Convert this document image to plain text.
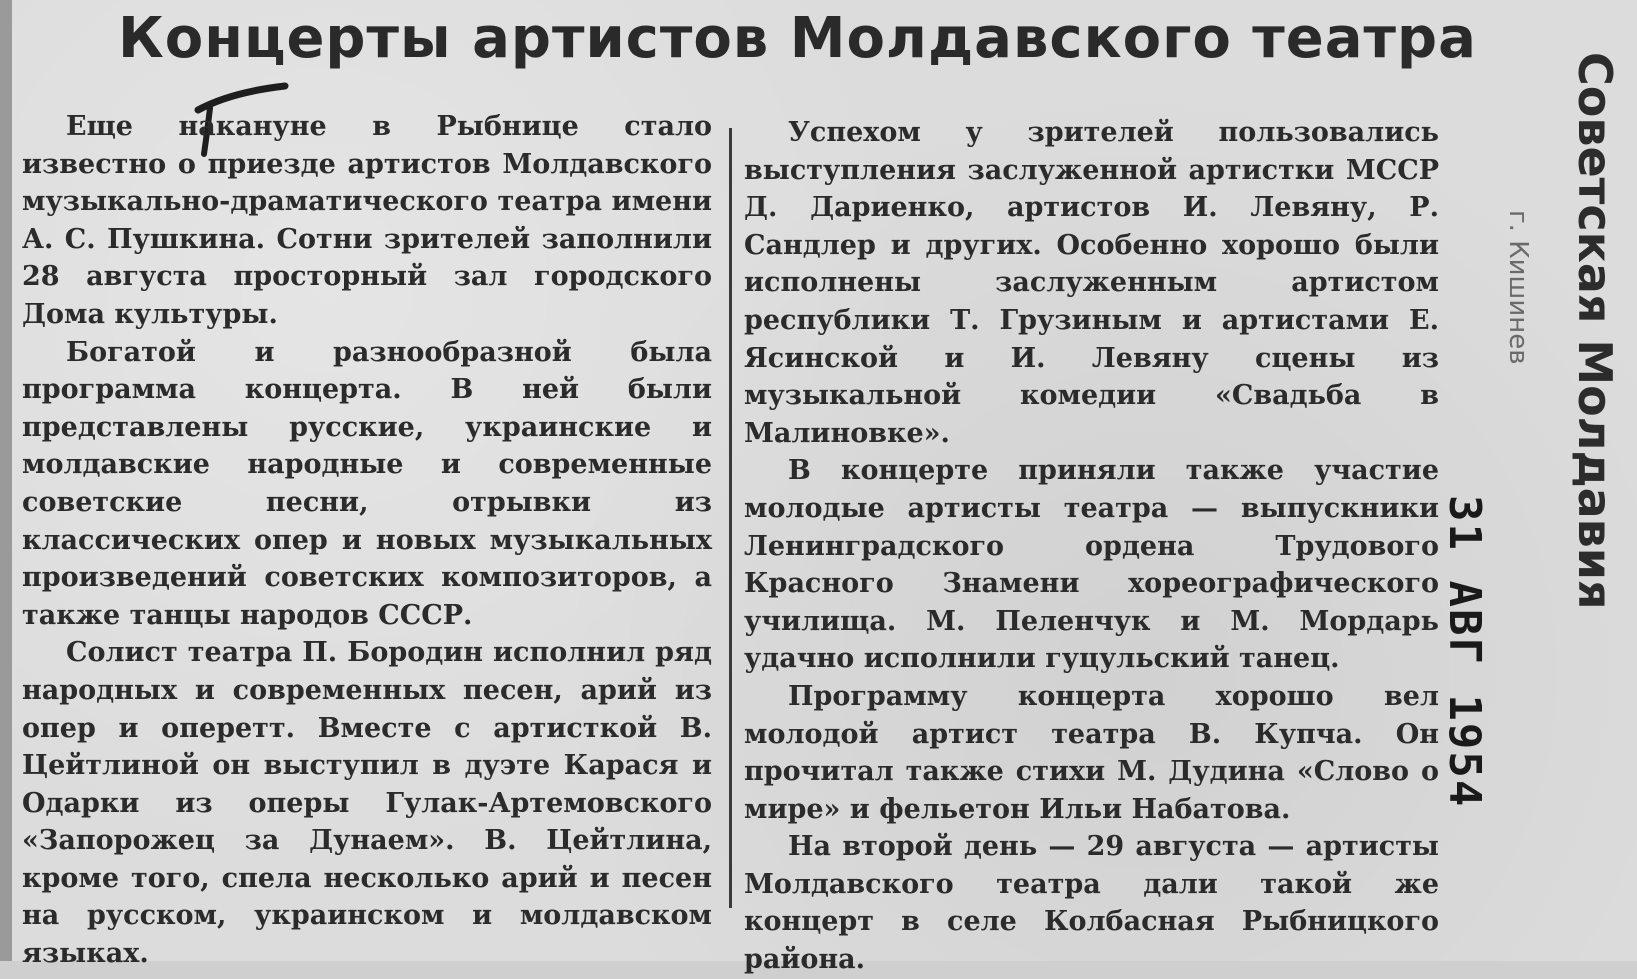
Концерты артистов Молдавского театра

Еще накануне в Рыбнице стало известно о приезде артистов Молдавского музыкально-драматического театра имени А. С. Пушкина. Сотни зрителей заполнили 28 августа просторный зал городского Дома культуры.

Богатой и разнообразной была программа концерта. В ней были представлены русские, украинские и молдавские народные и современные советские песни, отрывки из классических опер и новых музыкальных произведений советских композиторов, а также танцы народов СССР.

Солист театра П. Бородин исполнил ряд народных и современных песен, арий из опер и оперетт. Вместе с артисткой В. Цейтлиной он выступил в дуэте Карася и Одарки из оперы Гулак-Артемовского «Запорожец за Дунаем». В. Цейтлина, кроме того, спела несколько арий и песен на русском, украинском и молдавском языках.

Успехом у зрителей пользовались выступления заслуженной артистки МССР Д. Дариенко, артистов И. Левяну, Р. Сандлер и других. Особенно хорошо были исполнены заслуженным артистом республики Т. Грузиным и артистами Е. Ясинской и И. Левяну сцены из музыкальной комедии «Свадьба в Малиновке».

В концерте приняли также участие молодые артисты театра — выпускники Ленинградского ордена Трудового Красного Знамени хореографического училища. М. Пеленчук и М. Мордарь удачно исполнили гуцульский танец.

Программу концерта хорошо вел молодой артист театра В. Купча. Он прочитал также стихи М. Дудина «Слово о мире» и фельетон Ильи Набатова.

На второй день — 29 августа — артисты Молдавского театра дали такой же концерт в селе Колбасная Рыбницкого района.

31 АВГ 1954
г. Кишинев Советская Молдавия
